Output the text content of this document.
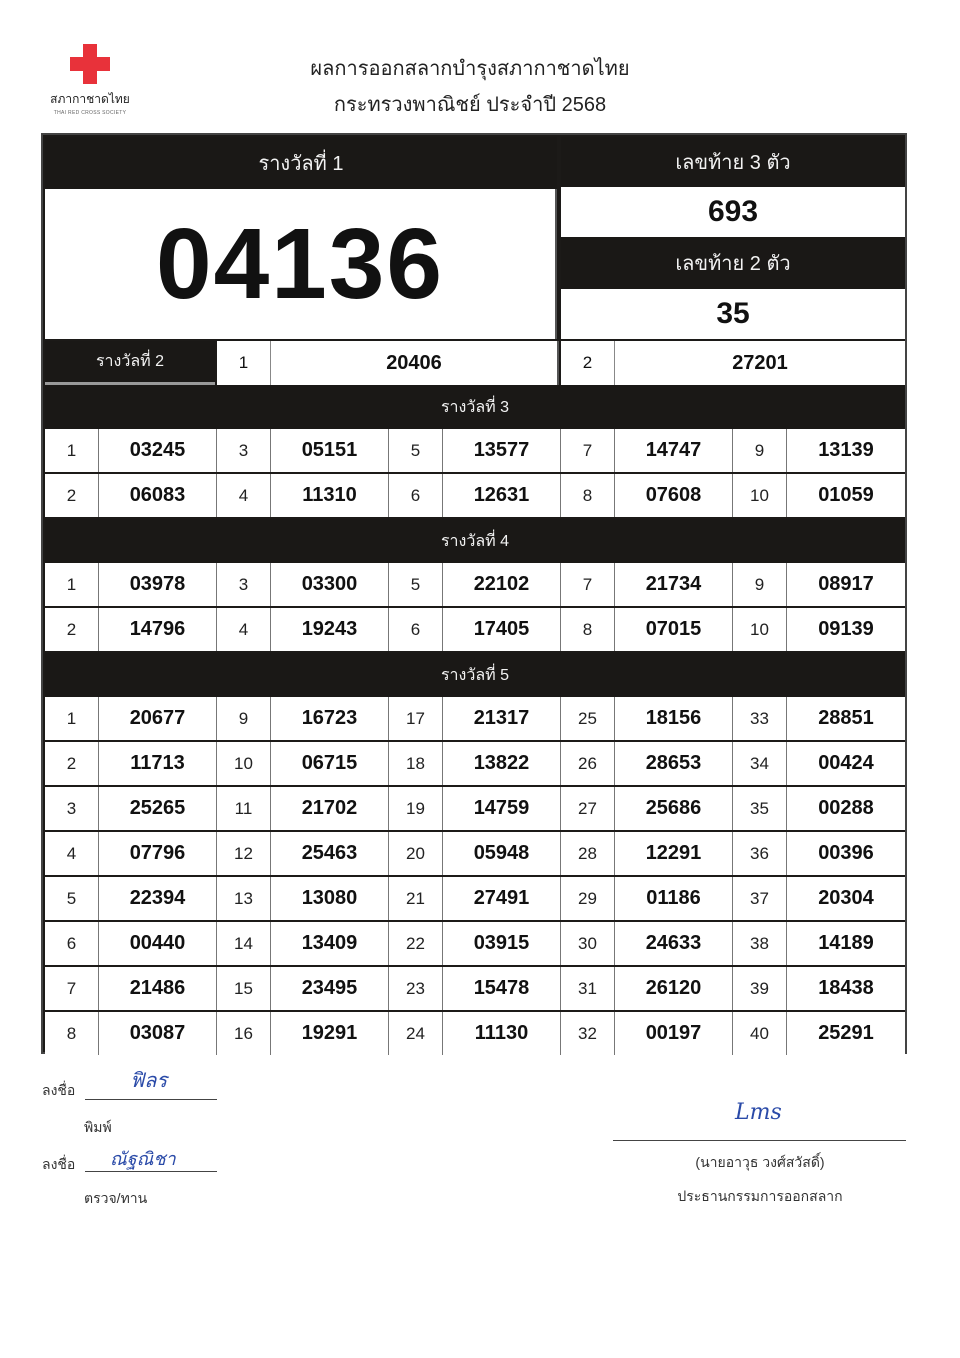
สภากาชาดไทย
THAI RED CROSS SOCIETY
ผลการออกสลากบำรุงสภากาชาดไทย
กระทรวงพาณิชย์ ประจำปี 2568
รางวัลที่ 1
04136
เลขท้าย 3 ตัว
693
เลขท้าย 2 ตัว
35
รางวัลที่ 2	1	20406	2	27201
รางวัลที่ 3
1	03245	3	05151	5	13577	7	14747	9	13139
2	06083	4	11310	6	12631	8	07608	10	01059
รางวัลที่ 4
1	03978	3	03300	5	22102	7	21734	9	08917
2	14796	4	19243	6	17405	8	07015	10	09139
รางวัลที่ 5
1	20677	9	16723	17	21317	25	18156	33	28851
2	11713	10	06715	18	13822	26	28653	34	00424
3	25265	11	21702	19	14759	27	25686	35	00288
4	07796	12	25463	20	05948	28	12291	36	00396
5	22394	13	13080	21	27491	29	01186	37	20304
6	00440	14	13409	22	03915	30	24633	38	14189
7	21486	15	23495	23	15478	31	26120	39	18438
8	03087	16	19291	24	11130	32	00197	40	25291
ลงชื่อ	ฟิลร
พิมพ์
ลงชื่อ ณัฐณิชา
ตรวจ/ทาน
Lms
(นายอาวุธ วงศ์สวัสดิ์)
ประธานกรรมการออกสลาก
